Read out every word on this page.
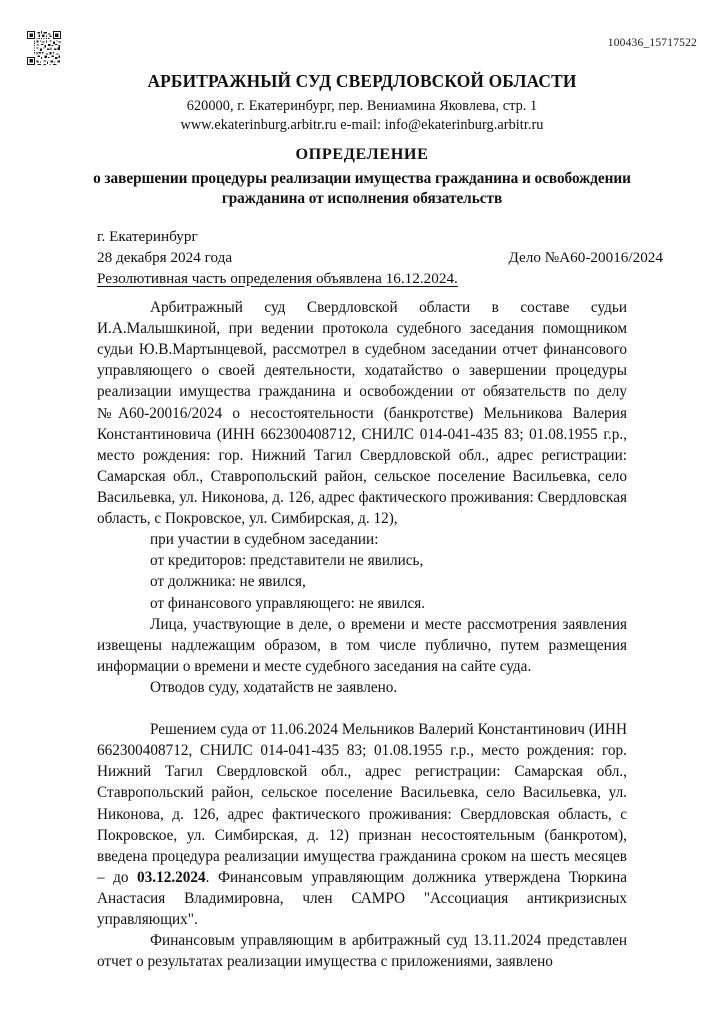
100436_15717522
АРБИТРАЖНЫЙ СУД СВЕРДЛОВСКОЙ ОБЛАСТИ

620000, г. Екатеринбург, пер. Вениамина Яковлева, стр. 1

www.ekaterinburg.arbitr.ru e-mail: info@ekaterinburg.arbitr.ru

ОПРЕДЕЛЕНИЕ

о завершении процедуры реализации имущества гражданина и освобождении гражданина от исполнения обязательств

г. Екатеринбург
28 декабря 2024 года	Дело №А60-20016/2024
Резолютивная часть определения объявлена 16.12.2024.

Арбитражный суд Свердловской области в составе судьи И.А.Малышкиной, при ведении протокола судебного заседания помощником судьи Ю.В.Мартынцевой, рассмотрел в судебном заседании отчет финансового управляющего о своей деятельности, ходатайство о завершении процедуры реализации имущества гражданина и освобождении от обязательств по делу №А60-20016/2024 о несостоятельности (банкротстве) Мельникова Валерия Константиновича (ИНН 662300408712, СНИЛС 014-041-435 83; 01.08.1955 г.р., место рождения: гор. Нижний Тагил Свердловской обл., адрес регистрации: Самарская обл., Ставропольский район, сельское поселение Васильевка, село Васильевка, ул. Никонова, д. 126, адрес фактического проживания: Свердловская область, с Покровское, ул. Симбирская, д. 12),

при участии в судебном заседании:

от кредиторов: представители не явились,

от должника: не явился,

от финансового управляющего: не явился.

Лица, участвующие в деле, о времени и месте рассмотрения заявления извещены надлежащим образом, в том числе публично, путем размещения информации о времени и месте судебного заседания на сайте суда.

Отводов суду, ходатайств не заявлено.

Решением суда от 11.06.2024 Мельников Валерий Константинович (ИНН 662300408712, СНИЛС 014-041-435 83; 01.08.1955 г.р., место рождения: гор. Нижний Тагил Свердловской обл., адрес регистрации: Самарская обл., Ставропольский район, сельское поселение Васильевка, село Васильевка, ул. Никонова, д. 126, адрес фактического проживания: Свердловская область, с Покровское, ул. Симбирская, д. 12) признан несостоятельным (банкротом), введена процедура реализации имущества гражданина сроком на шесть месяцев – до 03.12.2024. Финансовым управляющим должника утверждена Тюркина Анастасия Владимировна, член САМРО "Ассоциация антикризисных управляющих".

Финансовым управляющим в арбитражный суд 13.11.2024 представлен отчет о результатах реализации имущества с приложениями, заявлено
